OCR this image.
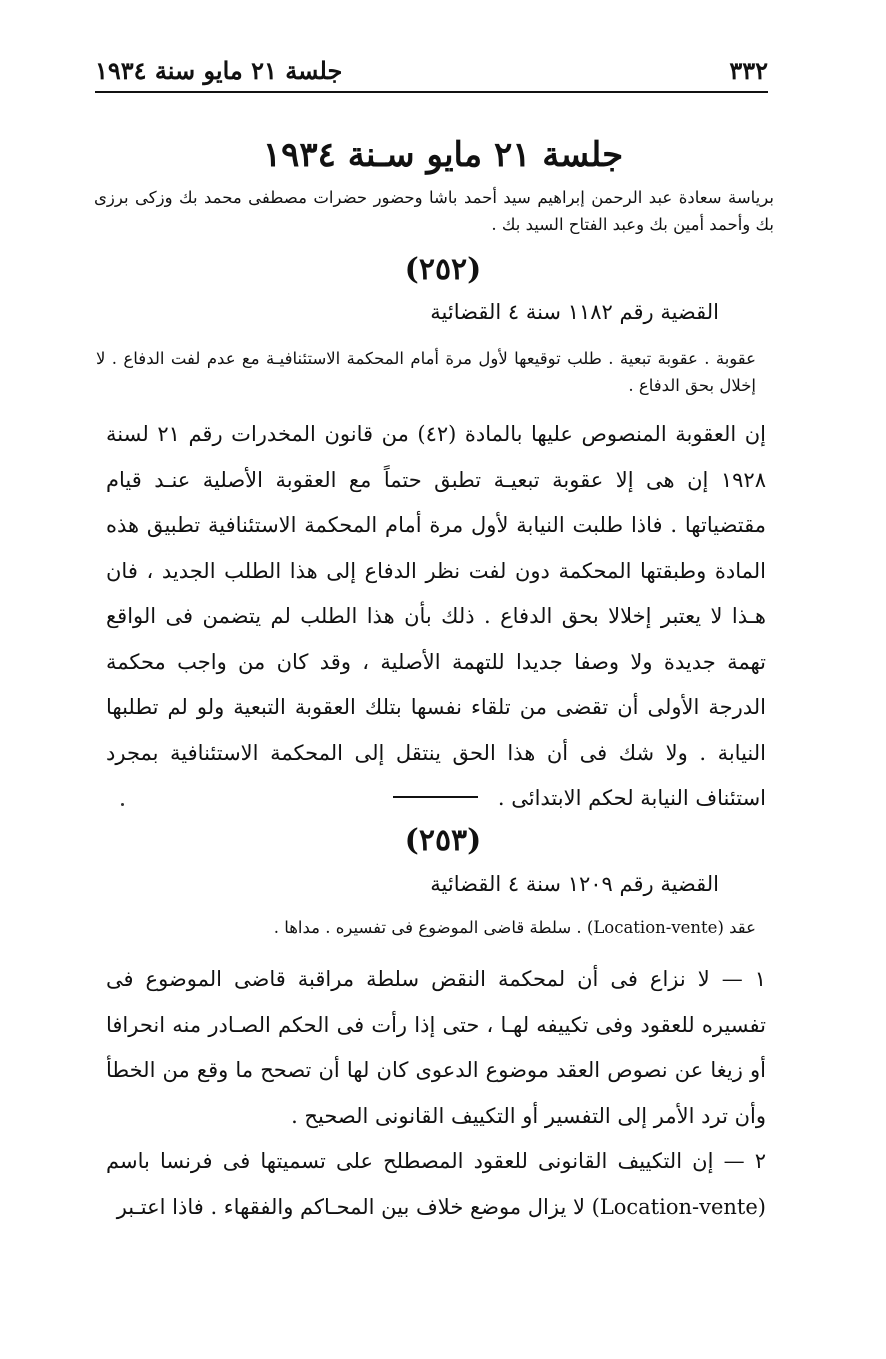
جلسة ٢١ مايو سنة ١٩٣٤	٣٣٢
جلسة ٢١ مايو سـنة ١٩٣٤
برياسة سعادة عبد الرحمن إبراهيم سيد أحمد باشا وحضور حضرات مصطفى محمد بك وزكى برزى بك وأحمد أمين بك وعبد الفتاح السيد بك .
(٢٥٢)
القضية رقم ١١٨٢ سنة ٤ القضائية
عقوبة . عقوبة تبعية . طلب توقيعها لأول مرة أمام المحكمة الاستئنافيـة مع عدم لفت الدفاع . لا إخلال بحق الدفاع .

إن العقوبة المنصوص عليها بالمادة (٤٢) من قانون المخدرات رقم ٢١ لسنة ١٩٢٨ إن هى إلا عقوبة تبعيـة تطبق حتماً مع العقوبة الأصلية عنـد قيام مقتضياتها . فاذا طلبت النيابة لأول مرة أمام المحكمة الاستئنافية تطبيق هذه المادة وطبقتها المحكمة دون لفت نظر الدفاع إلى هذا الطلب الجديد ، فان هـذا لا يعتبر إخلالا بحق الدفاع . ذلك بأن هذا الطلب لم يتضمن فى الواقع تهمة جديدة ولا وصفا جديدا للتهمة الأصلية ، وقد كان من واجب محكمة الدرجة الأولى أن تقضى من تلقاء نفسها بتلك العقوبة التبعية ولو لم تطلبها النيابة . ولا شك فى أن هذا الحق ينتقل إلى المحكمة الاستئنافية بمجرد استئناف النيابة لحكم الابتدائى .

(٢٥٣)
القضية رقم ١٢٠٩ سنة ٤ القضائية
عقد (Location-vente) . سلطة قاضى الموضوع فى تفسيره . مداها .

١ — لا نزاع فى أن لمحكمة النقض سلطة مراقبة قاضى الموضوع فى تفسيره للعقود وفى تكييفه لهـا ، حتى إذا رأت فى الحكم الصـادر منه انحرافا أو زيغا عن نصوص العقد موضوع الدعوى كان لها أن تصحح ما وقع من الخطأ وأن ترد الأمر إلى التفسير أو التكييف القانونى الصحيح .

٢ — إن التكييف القانونى للعقود المصطلح على تسميتها فى فرنسا باسم (Location-vente) لا يزال موضع خلاف بين المحـاكم والفقهاء . فاذا اعتـبر
